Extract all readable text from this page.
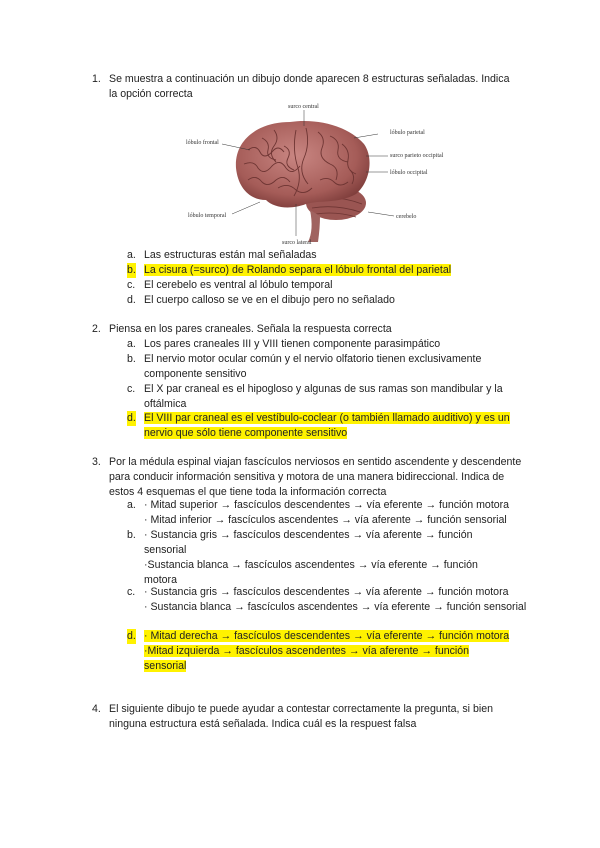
1. Se muestra a continuación un dibujo donde aparecen 8 estructuras señaladas. Indica la opción correcta
surco central
lóbulo frontal
lóbulo parietal
surco parieto occipital
lóbulo occipital
lóbulo temporal	cerebelo
surco lateral
a. Las estructuras están mal señaladas
b. La cisura (=surco) de Rolando separa el lóbulo frontal del parietal
c. El cerebelo es ventral al lóbulo temporal
d. El cuerpo calloso se ve en el dibujo pero no señalado
2. Piensa en los pares craneales. Señala la respuesta correcta
a. Los pares craneales III y VIII tienen componente parasimpático
b. El nervio motor ocular común y el nervio olfatorio tienen exclusivamente componente sensitivo
c. El X par craneal es el hipogloso y algunas de sus ramas son mandibular y la oftálmica
d. El VIII par craneal es el vestíbulo-coclear (o también llamado auditivo) y es un nervio que sólo tiene componente sensitivo
3. Por la médula espinal viajan fascículos nerviosos en sentido ascendente y descendente para conducir información sensitiva y motora de una manera bidireccional. Indica de estos 4 esquemas el que tiene toda la información correcta
a. · Mitad superior → fascículos descendentes → vía eferente → función motora
· Mitad inferior → fascículos ascendentes → vía aferente → función sensorial
b. · Sustancia gris → fascículos descendentes → vía aferente → función sensorial
·Sustancia blanca → fascículos ascendentes → vía eferente → función motora
c. · Sustancia gris → fascículos descendentes → vía aferente → función motora
· Sustancia blanca → fascículos ascendentes → vía eferente → función sensorial
d. · Mitad derecha → fascículos descendentes → vía eferente → función motora
·Mitad izquierda → fascículos ascendentes → vía aferente → función sensorial
4. El siguiente dibujo te puede ayudar a contestar correctamente la pregunta, si bien ninguna estructura está señalada. Indica cuál es la respuest falsa
